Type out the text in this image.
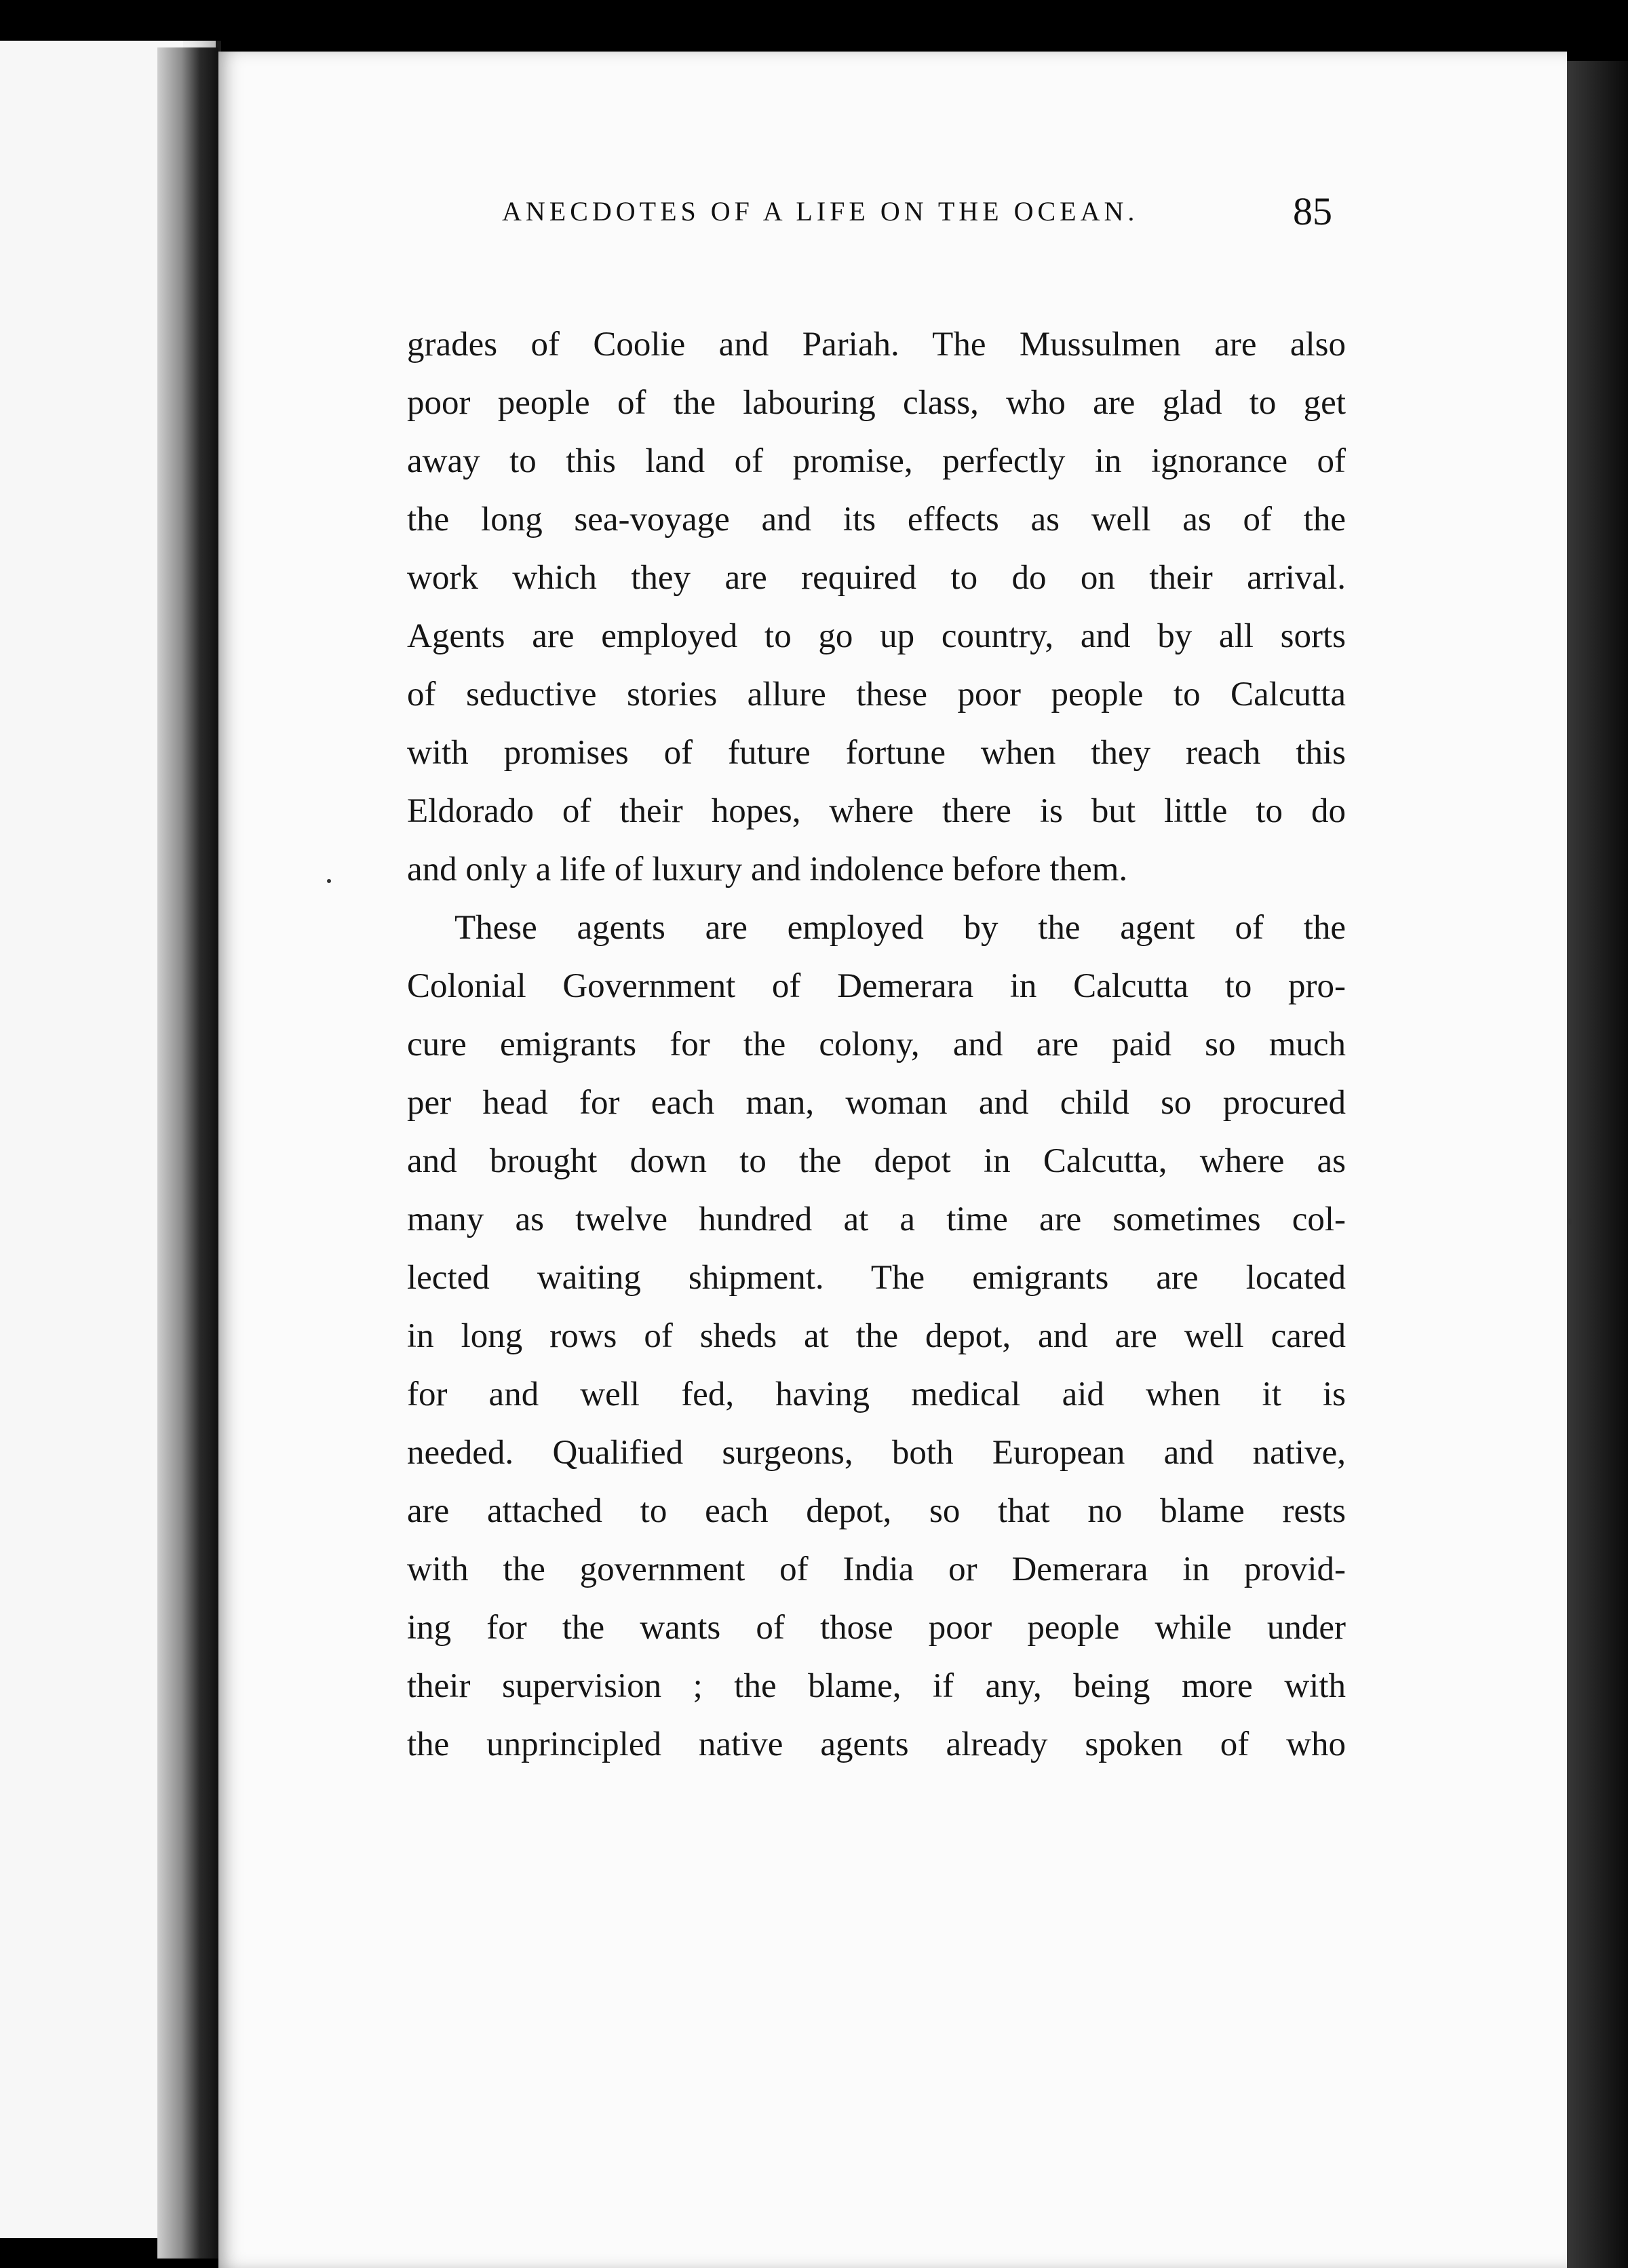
ANECDOTES OF A LIFE ON THE OCEAN.	85
grades of Coolie and Pariah. The Mussulmen are also
poor people of the labouring class, who are glad to get
away to this land of promise, perfectly in ignorance of
the long sea-voyage and its effects as well as of the
work which they are required to do on their arrival.
Agents are employed to go up country, and by all sorts
of seductive stories allure these poor people to Calcutta
with promises of future fortune when they reach this
Eldorado of their hopes, where there is but little to do
and only a life of luxury and indolence before them.
These agents are employed by the agent of the
Colonial Government of Demerara in Calcutta to pro-
cure emigrants for the colony, and are paid so much
per head for each man, woman and child so procured
and brought down to the depot in Calcutta, where as
many as twelve hundred at a time are sometimes col-
lected waiting shipment. The emigrants are located
in long rows of sheds at the depot, and are well cared
for and well fed, having medical aid when it is
needed. Qualified surgeons, both European and native,
are attached to each depot, so that no blame rests
with the government of India or Demerara in provid-
ing for the wants of those poor people while under
their supervision ; the blame, if any, being more with
the unprincipled native agents already spoken of who
